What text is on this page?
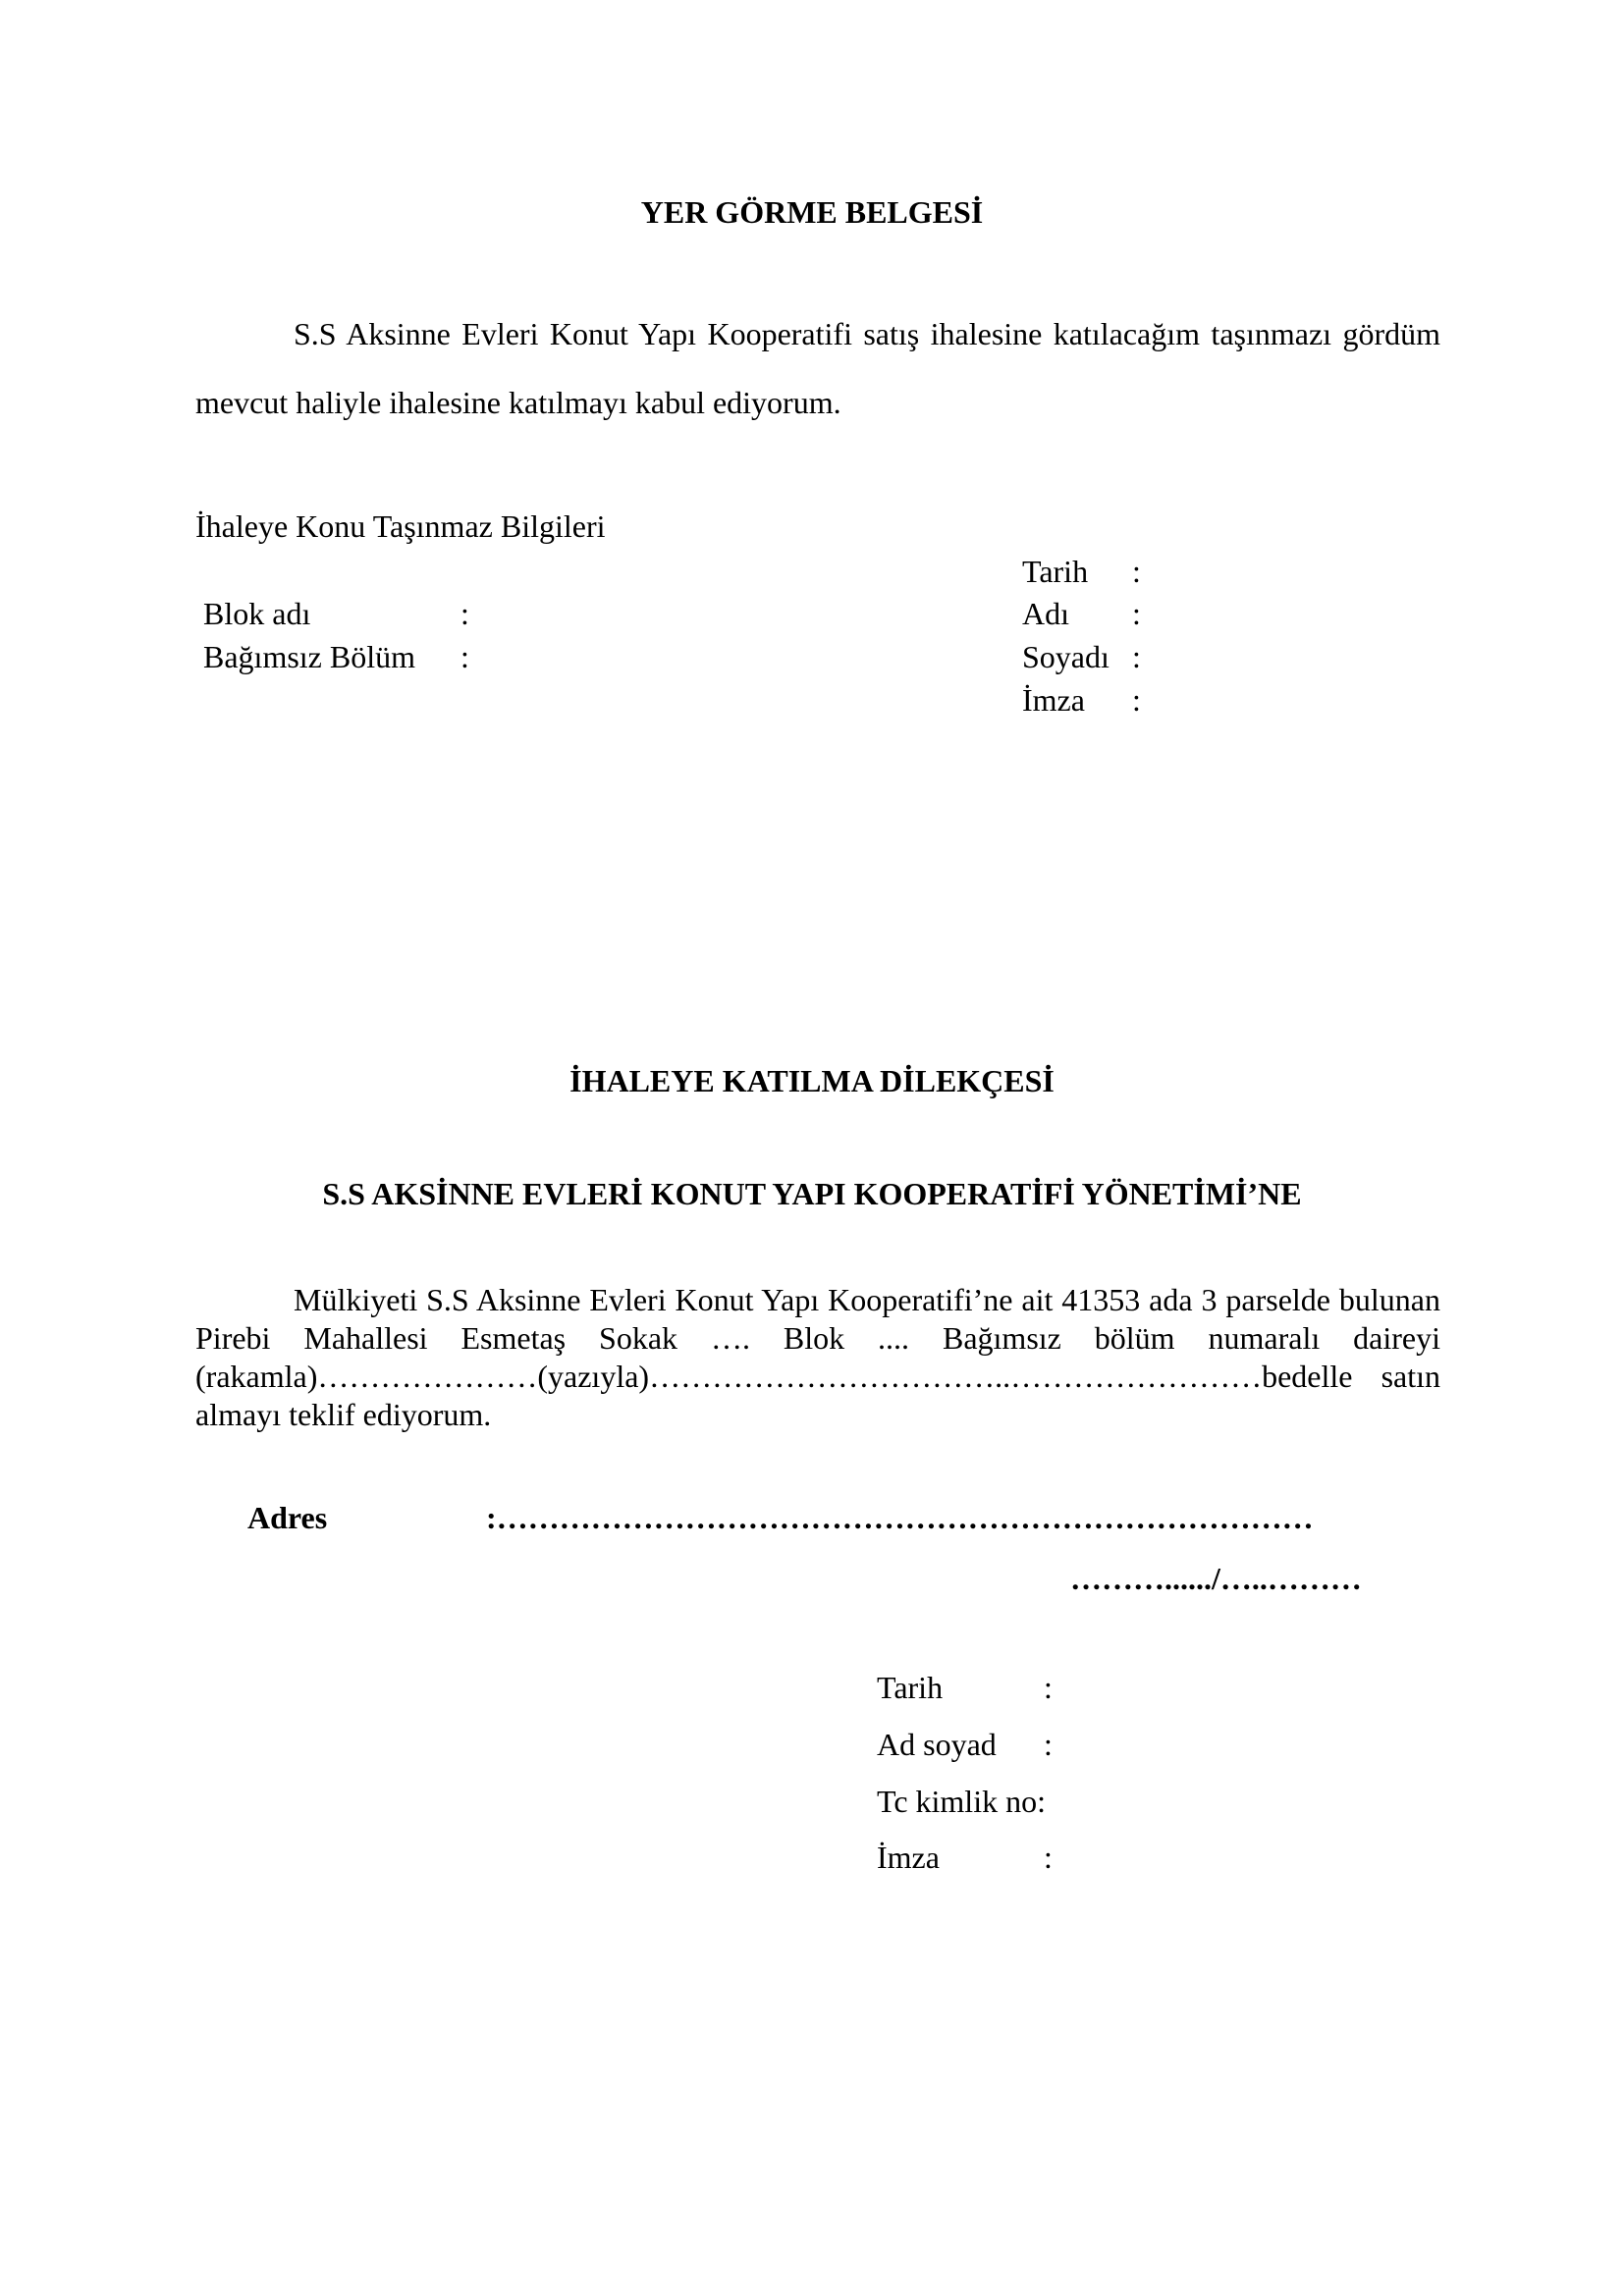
YER GÖRME BELGESİ
S.S Aksinne Evleri Konut Yapı Kooperatifi satış ihalesine katılacağım taşınmazı gördüm mevcut haliyle ihalesine katılmayı kabul ediyorum.
İhaleye Konu Taşınmaz Bilgileri
Blok adı	:
Bağımsız Bölüm :
Tarih :
Adı :
Soyadı :
İmza :
İHALEYE KATILMA DİLEKÇESİ
S.S AKSİNNE EVLERİ KONUT YAPI KOOPERATİFİ YÖNETİMİ’NE
Mülkiyeti S.S Aksinne Evleri Konut Yapı Kooperatifi’ne ait 41353 ada 3 parselde bulunan Pirebi Mahallesi Esmetaş Sokak …. Blok .... Bağımsız bölüm numaralı daireyi (rakamla)…………………(yazıyla)……………………………..……………………bedelle satın almayı teklif ediyorum.
Adres	:……………………………………………………………………
………....../…..………
Tarih	:
Ad soyad :
Tc kimlik no:
İmza	:
